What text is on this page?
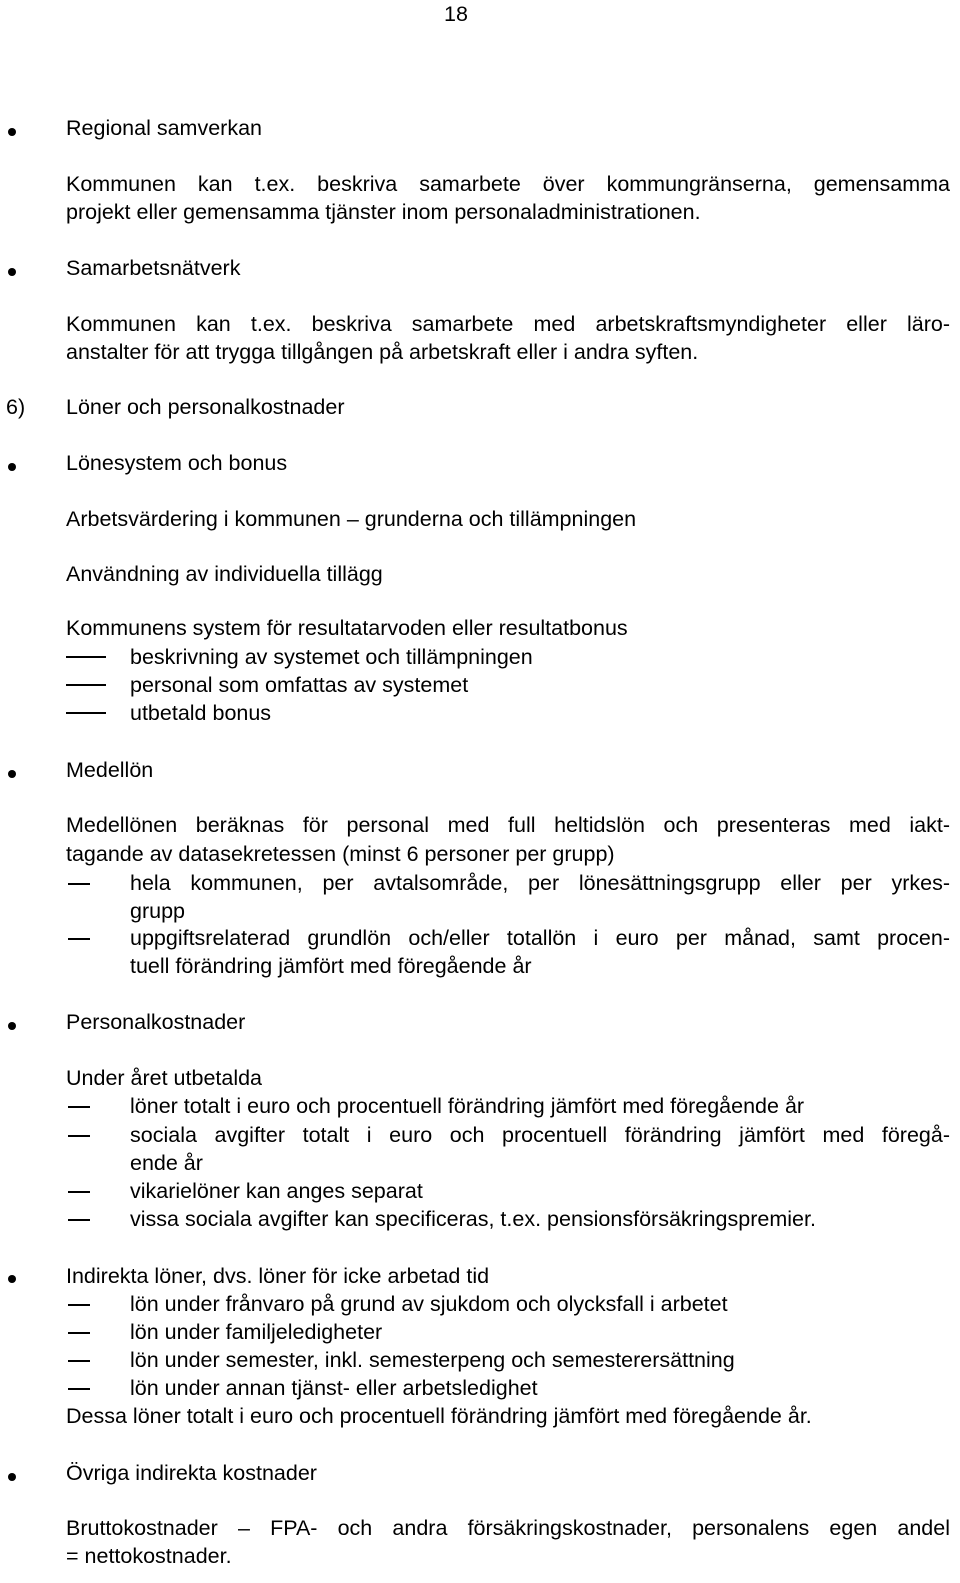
18
Regional samverkan
Kommunen kan t.ex. beskriva samarbete över kommungränserna, gemensamma
projekt eller gemensamma tjänster inom personaladministrationen.
Samarbetsnätverk
Kommunen kan t.ex. beskriva samarbete med arbetskraftsmyndigheter eller läro-
anstalter för att trygga tillgången på arbetskraft eller i andra syften.
6) Löner och personalkostnader
Lönesystem och bonus
Arbetsvärdering i kommunen – grunderna och tillämpningen
Användning av individuella tillägg
Kommunens system för resultatarvoden eller resultatbonus
beskrivning av systemet och tillämpningen
personal som omfattas av systemet
utbetald bonus
Medellön
Medellönen beräknas för personal med full heltidslön och presenteras med iakt-
tagande av datasekretessen (minst 6 personer per grupp)
hela kommunen, per avtalsområde, per lönesättningsgrupp eller per yrkes-
grupp
uppgiftsrelaterad grundlön och/eller totallön i euro per månad, samt procen-
tuell förändring jämfört med föregående år
Personalkostnader
Under året utbetalda
löner totalt i euro och procentuell förändring jämfört med föregående år
sociala avgifter totalt i euro och procentuell förändring jämfört med föregå-
ende år
vikarielöner kan anges separat
vissa sociala avgifter kan specificeras, t.ex. pensionsförsäkringspremier.
Indirekta löner, dvs. löner för icke arbetad tid
lön under frånvaro på grund av sjukdom och olycksfall i arbetet
lön under familjeledigheter
lön under semester, inkl. semesterpeng och semesterersättning
lön under annan tjänst- eller arbetsledighet
Dessa löner totalt i euro och procentuell förändring jämfört med föregående år.
Övriga indirekta kostnader
Bruttokostnader – FPA- och andra försäkringskostnader, personalens egen andel
= nettokostnader.
